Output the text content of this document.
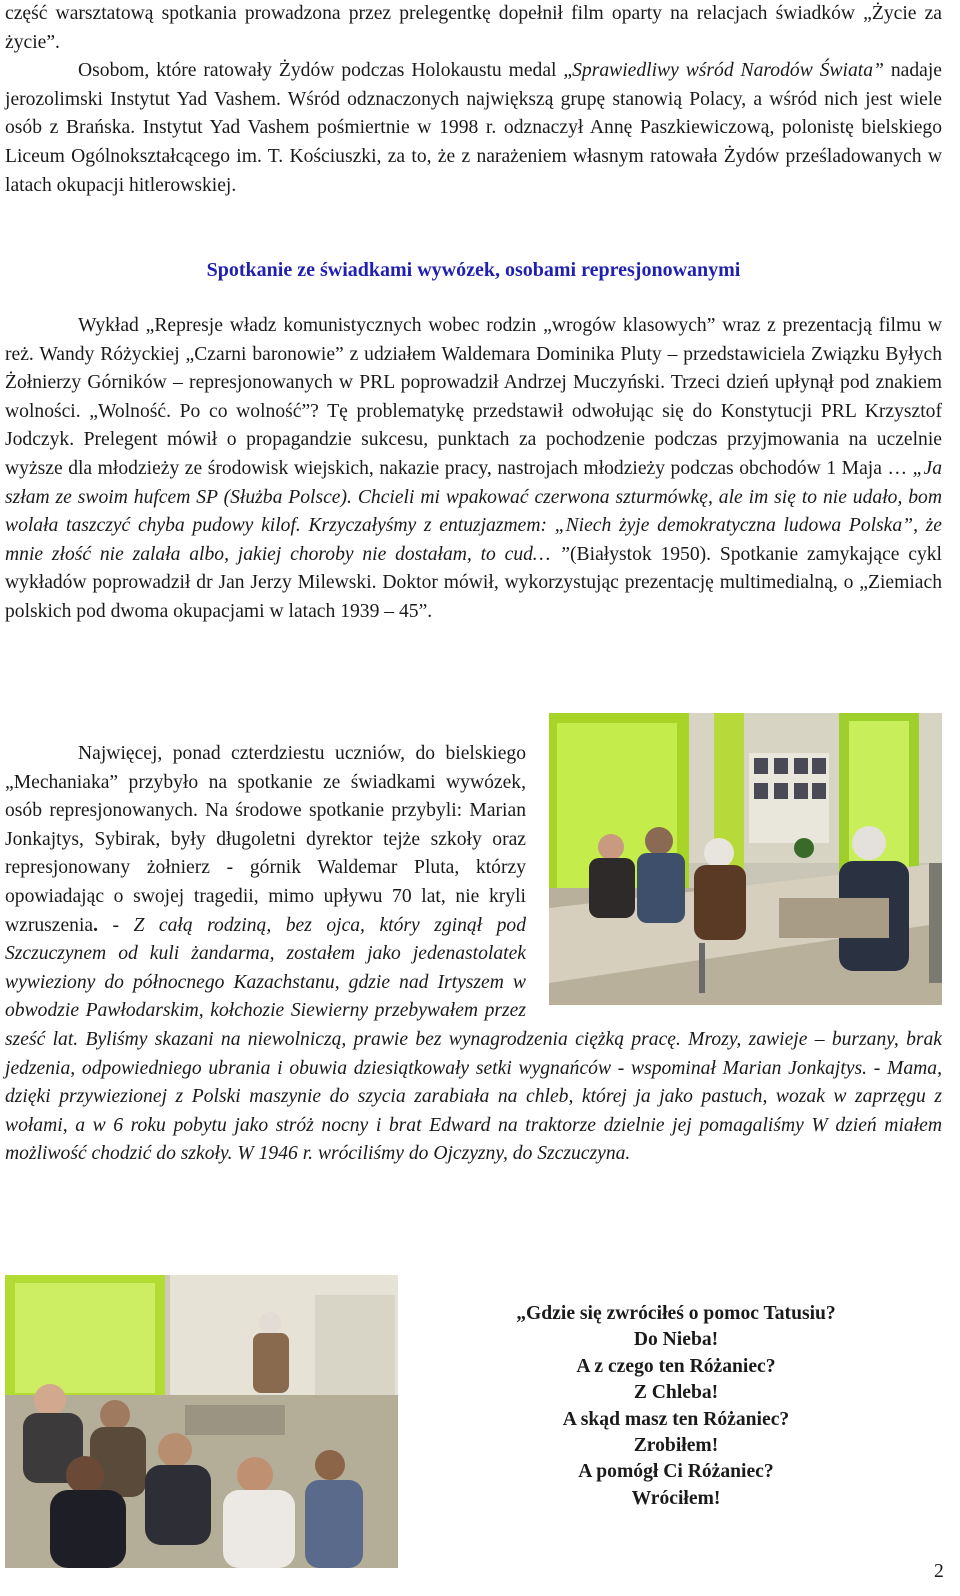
część warsztatową spotkania prowadzona przez prelegentkę dopełnił film oparty na relacjach świadków „Życie za życie”.

Osobom, które ratowały Żydów podczas Holokaustu medal „Sprawiedliwy wśród Narodów Świata” nadaje jerozolimski Instytut Yad Vashem. Wśród odznaczonych największą grupę stanowią Polacy, a wśród nich jest wiele osób z Brańska. Instytut Yad Vashem pośmiertnie w 1998 r. odznaczył Annę Paszkiewiczową, polonistę bielskiego Liceum Ogólnokształcącego im. T. Kościuszki, za to, że z narażeniem własnym ratowała Żydów prześladowanych w latach okupacji hitlerowskiej.

Spotkanie ze świadkami wywózek, osobami represjonowanymi

Wykład „Represje władz komunistycznych wobec rodzin „wrogów klasowych” wraz z prezentacją filmu w reż. Wandy Różyckiej „Czarni baronowie” z udziałem Waldemara Dominika Pluty – przedstawiciela Związku Byłych Żołnierzy Górników – represjonowanych w PRL poprowadził Andrzej Muczyński. Trzeci dzień upłynął pod znakiem wolności. „Wolność. Po co wolność”? Tę problematykę przedstawił odwołując się do Konstytucji PRL Krzysztof Jodczyk. Prelegent mówił o propagandzie sukcesu, punktach za pochodzenie podczas przyjmowania na uczelnie wyższe dla młodzieży ze środowisk wiejskich, nakazie pracy, nastrojach młodzieży podczas obchodów 1 Maja … „Ja szłam ze swoim hufcem SP (Służba Polsce). Chcieli mi wpakować czerwona szturmówkę, ale im się to nie udało, bom wolała taszczyć chyba pudowy kilof. Krzyczałyśmy z entuzjazmem: „Niech żyje demokratyczna ludowa Polska”, że mnie złość nie zalała albo, jakiej choroby nie dostałam, to cud… ”(Białystok 1950). Spotkanie zamykające cykl wykładów poprowadził dr Jan Jerzy Milewski. Doktor mówił, wykorzystując prezentację multimedialną, o „Ziemiach polskich pod dwoma okupacjami w latach 1939 – 45”.

Najwięcej, ponad czterdziestu uczniów, do bielskiego „Mechaniaka” przybyło na spotkanie ze świadkami wywózek, osób represjonowanych. Na środowe spotkanie przybyli: Marian Jonkajtys, Sybirak, były długoletni dyrektor tejże szkoły oraz represjonowany żołnierz - górnik Waldemar Pluta, którzy opowiadając o swojej tragedii, mimo upływu 70 lat, nie kryli wzruszenia. - Z całą rodziną, bez ojca, który zginął pod Szczuczynem od kuli żandarma, zostałem jako jedenastolatek wywieziony do północnego Kazachstanu, gdzie nad Irtyszem w obwodzie Pawłodarskim, kołchozie Siewierny przebywałem przez sześć lat. Byliśmy skazani na niewolniczą, prawie bez wynagrodzenia ciężką pracę. Mrozy, zawieje – burzany, brak jedzenia, odpowiedniego ubrania i obuwia dziesiątkowały setki wygnańców - wspominał Marian Jonkajtys. - Mama, dzięki przywiezionej z Polski maszynie do szycia zarabiała na chleb, której ja jako pastuch, wozak w zaprzęgu z wołami, a w 6 roku pobytu jako stróż nocny i brat Edward na traktorze dzielnie jej pomagaliśmy W dzień miałem możliwość chodzić do szkoły. W 1946 r. wróciliśmy do Ojczyzny, do Szczuczyna.

„Gdzie się zwróciłeś o pomoc Tatusiu?
Do Nieba!
A z czego ten Różaniec?
Z Chleba!
A skąd masz ten Różaniec?
Zrobiłem!
A pomógł Ci Różaniec?
Wróciłem!
2
